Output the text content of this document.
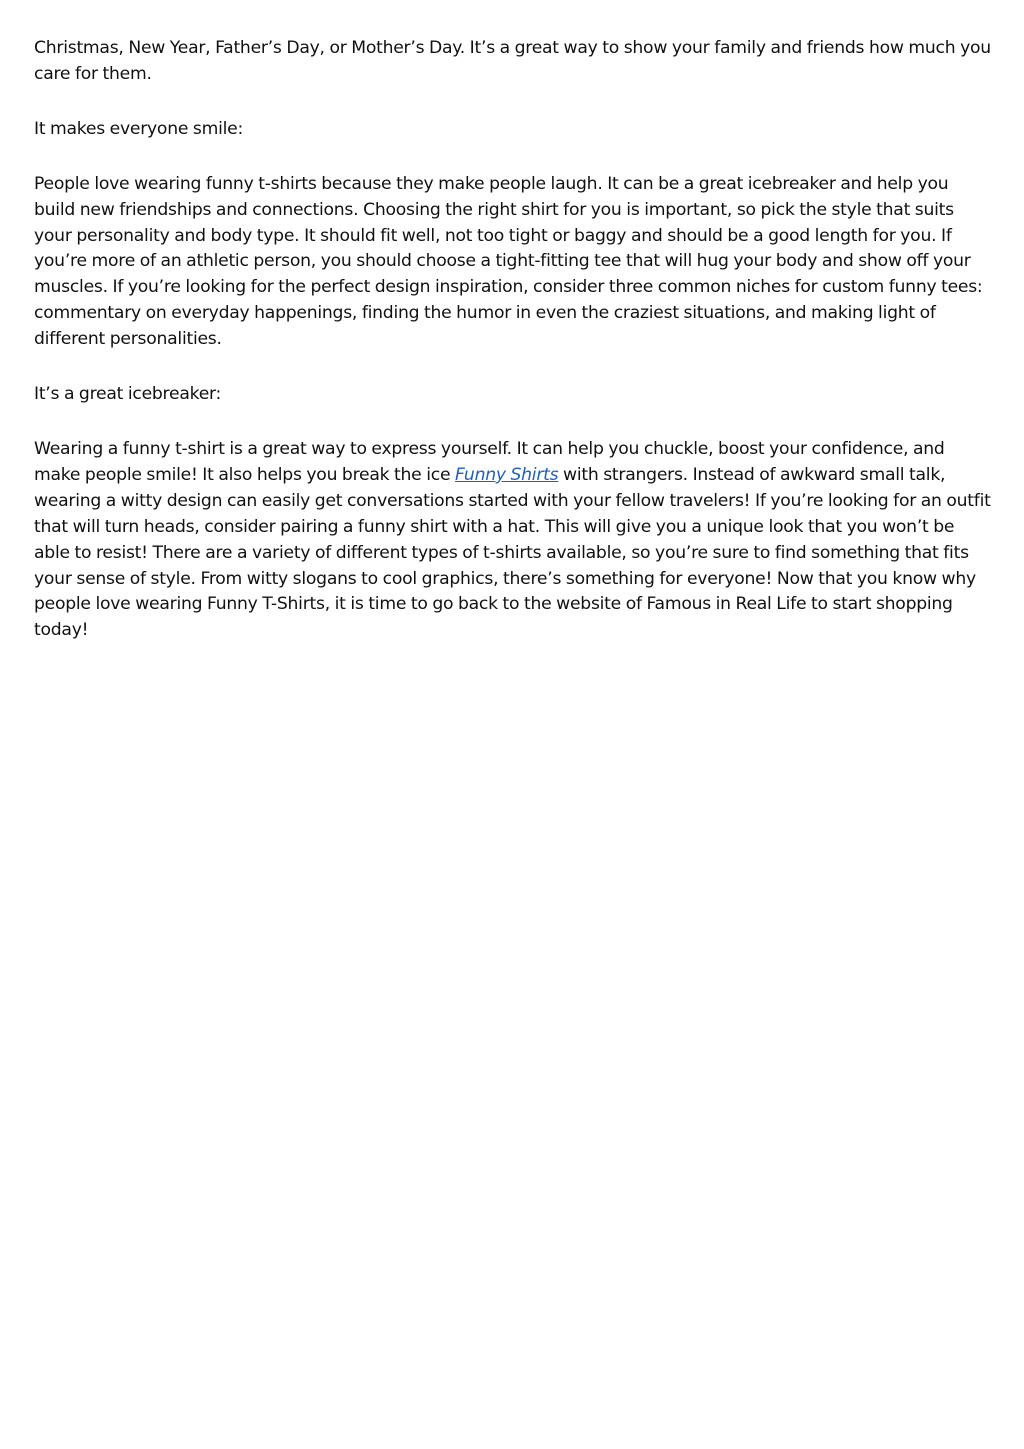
Christmas, New Year, Father’s Day, or Mother’s Day. It’s a great way to show your family and friends how much you care for them.

It makes everyone smile:

People love wearing funny t-shirts because they make people laugh. It can be a great icebreaker and help you build new friendships and connections. Choosing the right shirt for you is important, so pick the style that suits your personality and body type. It should fit well, not too tight or baggy and should be a good length for you. If you’re more of an athletic person, you should choose a tight-fitting tee that will hug your body and show off your muscles. If you’re looking for the perfect design inspiration, consider three common niches for custom funny tees: commentary on everyday happenings, finding the humor in even the craziest situations, and making light of different personalities.

It’s a great icebreaker:

Wearing a funny t-shirt is a great way to express yourself. It can help you chuckle, boost your confidence, and make people smile! It also helps you break the ice Funny Shirts with strangers. Instead of awkward small talk, wearing a witty design can easily get conversations started with your fellow travelers! If you’re looking for an outfit that will turn heads, consider pairing a funny shirt with a hat. This will give you a unique look that you won’t be able to resist! There are a variety of different types of t-shirts available, so you’re sure to find something that fits your sense of style. From witty slogans to cool graphics, there’s something for everyone! Now that you know why people love wearing Funny T-Shirts, it is time to go back to the website of Famous in Real Life to start shopping today!
